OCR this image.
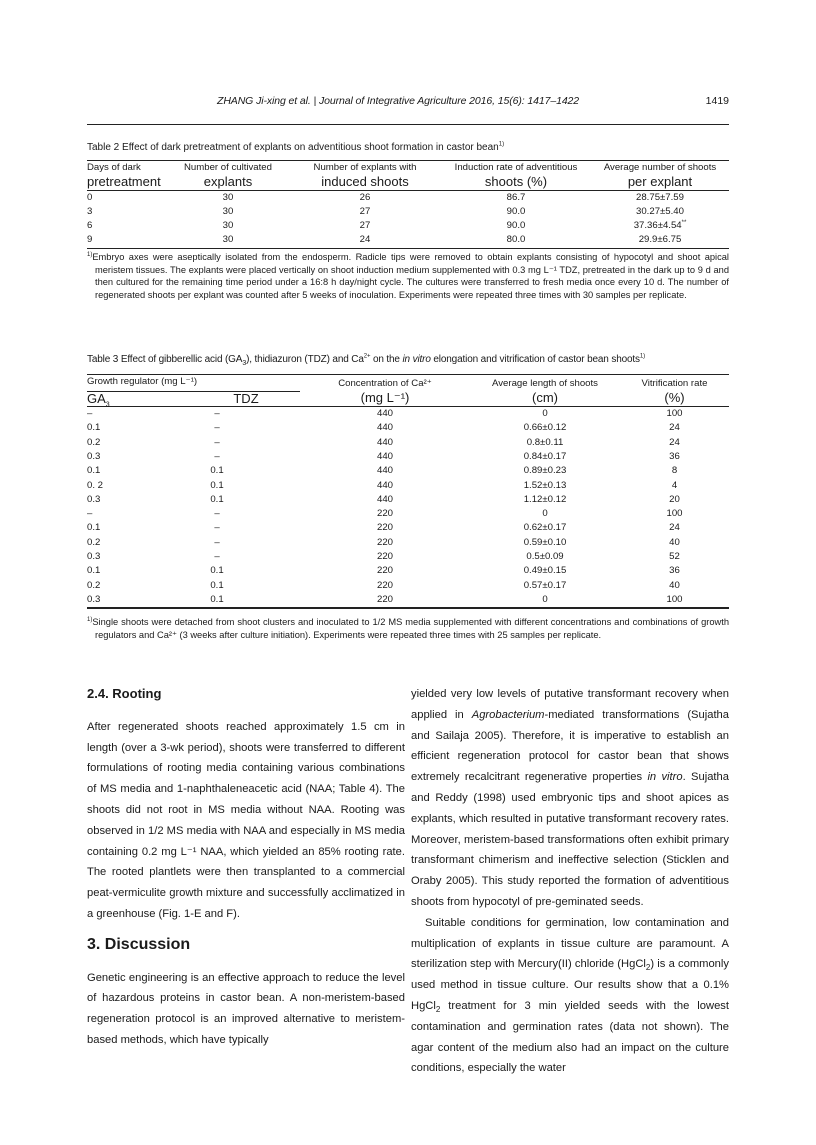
ZHANG Ji-xing et al. | Journal of Integrative Agriculture 2016, 15(6): 1417–1422	1419
Table 2 Effect of dark pretreatment of explants on adventitious shoot formation in castor bean$^{1)}$
Days of dark	Number of cultivated	Number of explants with	Induction rate of adventitious	Average number of shoots
pretreatment	explants	induced shoots	shoots (%)	per explant
0	30	26	86.7	28.75±7.59
3	30	27	90.0	30.27±5.40
6	30	27	90.0	37.36±4.54**
9	30	24	80.0	29.9±6.75
$^{1)}$Embryo axes were aseptically isolated from the endosperm. Radicle tips were removed to obtain explants consisting of hypocotyl and shoot apical meristem tissues. The explants were placed vertically on shoot induction medium supplemented with 0.3 mg L⁻¹ TDZ, pretreated in the dark up to 9 d and then cultured for the remaining time period under a 16:8 h day/night cycle. The cultures were transferred to fresh media once every 10 d. The number of regenerated shoots per explant was counted after 5 weeks of inoculation. Experiments were repeated three times with 30 samples per replicate.
Table 3 Effect of gibberellic acid $(GA_3)$, thidiazuron (TDZ) and $Ca^{2+}$ on the in vitro elongation and vitrification of castor bean shoots$^{1)}$
Growth regulator (mg L⁻¹)		Concentration of Ca²⁺	Average length of shoots	Vitrification rate
$GA_3$	TDZ	(mg L⁻¹)	(cm)	(%)
–	–	440	0	100
0.1	–	440	0.66±0.12	24
0.2	–	440	0.8±0.11	24
0.3	–	440	0.84±0.17	36
0.1	0.1	440	0.89±0.23	8
0. 2	0.1	440	1.52±0.13	4
0.3	0.1	440	1.12±0.12	20
–	–	220	0	100
0.1	–	220	0.62±0.17	24
0.2	–	220	0.59±0.10	40
0.3	–	220	0.5±0.09	52
0.1	0.1	220	0.49±0.15	36
0.2	0.1	220	0.57±0.17	40
0.3	0.1	220	0	100
$^{1)}$Single shoots were detached from shoot clusters and inoculated to 1/2 MS media supplemented with different concentrations and combinations of growth regulators and Ca²⁺ (3 weeks after culture initiation). Experiments were repeated three times with 25 samples per replicate.

2.4. Rooting

After regenerated shoots reached approximately 1.5 cm in length (over a 3-wk period), shoots were transferred to different formulations of rooting media containing various combinations of MS media and 1-naphthaleneacetic acid (NAA; Table 4). The shoots did not root in MS media without NAA. Rooting was observed in 1/2 MS media with NAA and especially in MS media containing 0.2 mg L⁻¹ NAA, which yielded an 85% rooting rate. The rooted plantlets were then transplanted to a commercial peat-vermiculite growth mixture and successfully acclimatized in a greenhouse (Fig. 1-E and F).

3. Discussion

Genetic engineering is an effective approach to reduce the level of hazardous proteins in castor bean. A non-meristem-based regeneration protocol is an improved alternative to meristem-based methods, which have typically

yielded very low levels of putative transformant recovery when applied in Agrobacterium-mediated transformations (Sujatha and Sailaja 2005). Therefore, it is imperative to establish an efficient regeneration protocol for castor bean that shows extremely recalcitrant regenerative properties in vitro. Sujatha and Reddy (1998) used embryonic tips and shoot apices as explants, which resulted in putative transformant recovery rates. Moreover, meristem-based transformations often exhibit primary transformant chimerism and ineffective selection (Sticklen and Oraby 2005). This study reported the formation of adventitious shoots from hypocotyl of pre-geminated seeds.

Suitable conditions for germination, low contamination and multiplication of explants in tissue culture are paramount. A sterilization step with Mercury(II) chloride (HgCl$_2$) is a commonly used method in tissue culture. Our results show that a 0.1% HgCl$_2$ treatment for 3 min yielded seeds with the lowest contamination and germination rates (data not shown). The agar content of the medium also had an impact on the culture conditions, especially the water
